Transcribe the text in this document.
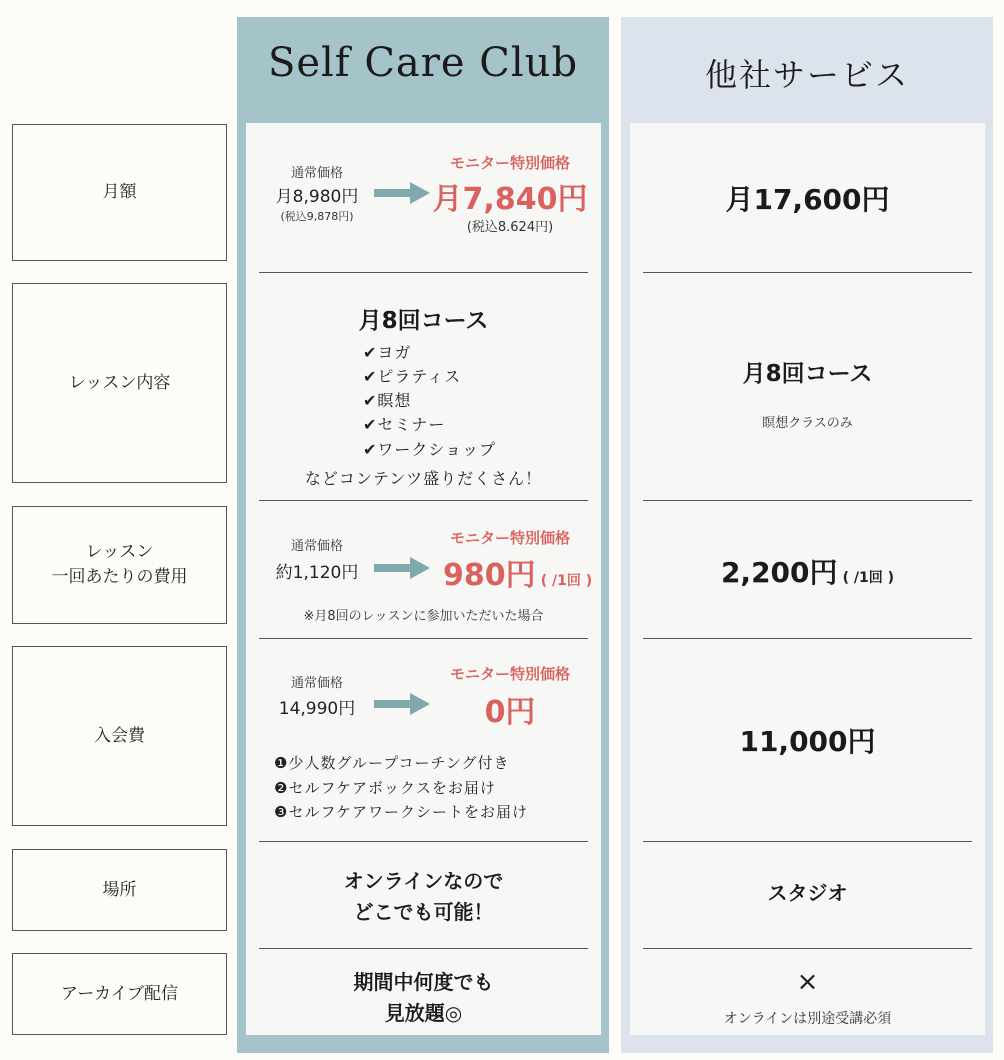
月額
レッスン内容
レッスン
一回あたりの費用
入会費
場所
アーカイブ配信
Self Care Club	他社サービス
通常価格
月8,980円
(税込9,878円)
モニター特別価格
月7,840円
(税込8.624円)
月8回コース
✔ヨガ
✔ピラティス
✔瞑想
✔セミナー
✔ワークショップ
などコンテンツ盛りだくさん！
通常価格
約1,120円
モニター特別価格
980円 ( /1回 )
※月8回のレッスンに参加いただいた場合
通常価格
14,990円
モニター特別価格
0円
❶少人数グループコーチング付き
❷セルフケアボックスをお届け
❸セルフケアワークシートをお届け
オンラインなので
どこでも可能！
期間中何度でも
見放題◎
月17,600円
月8回コース
瞑想クラスのみ
2,200円 ( /1回 )
11,000円
スタジオ
×
オンラインは別途受講必須
